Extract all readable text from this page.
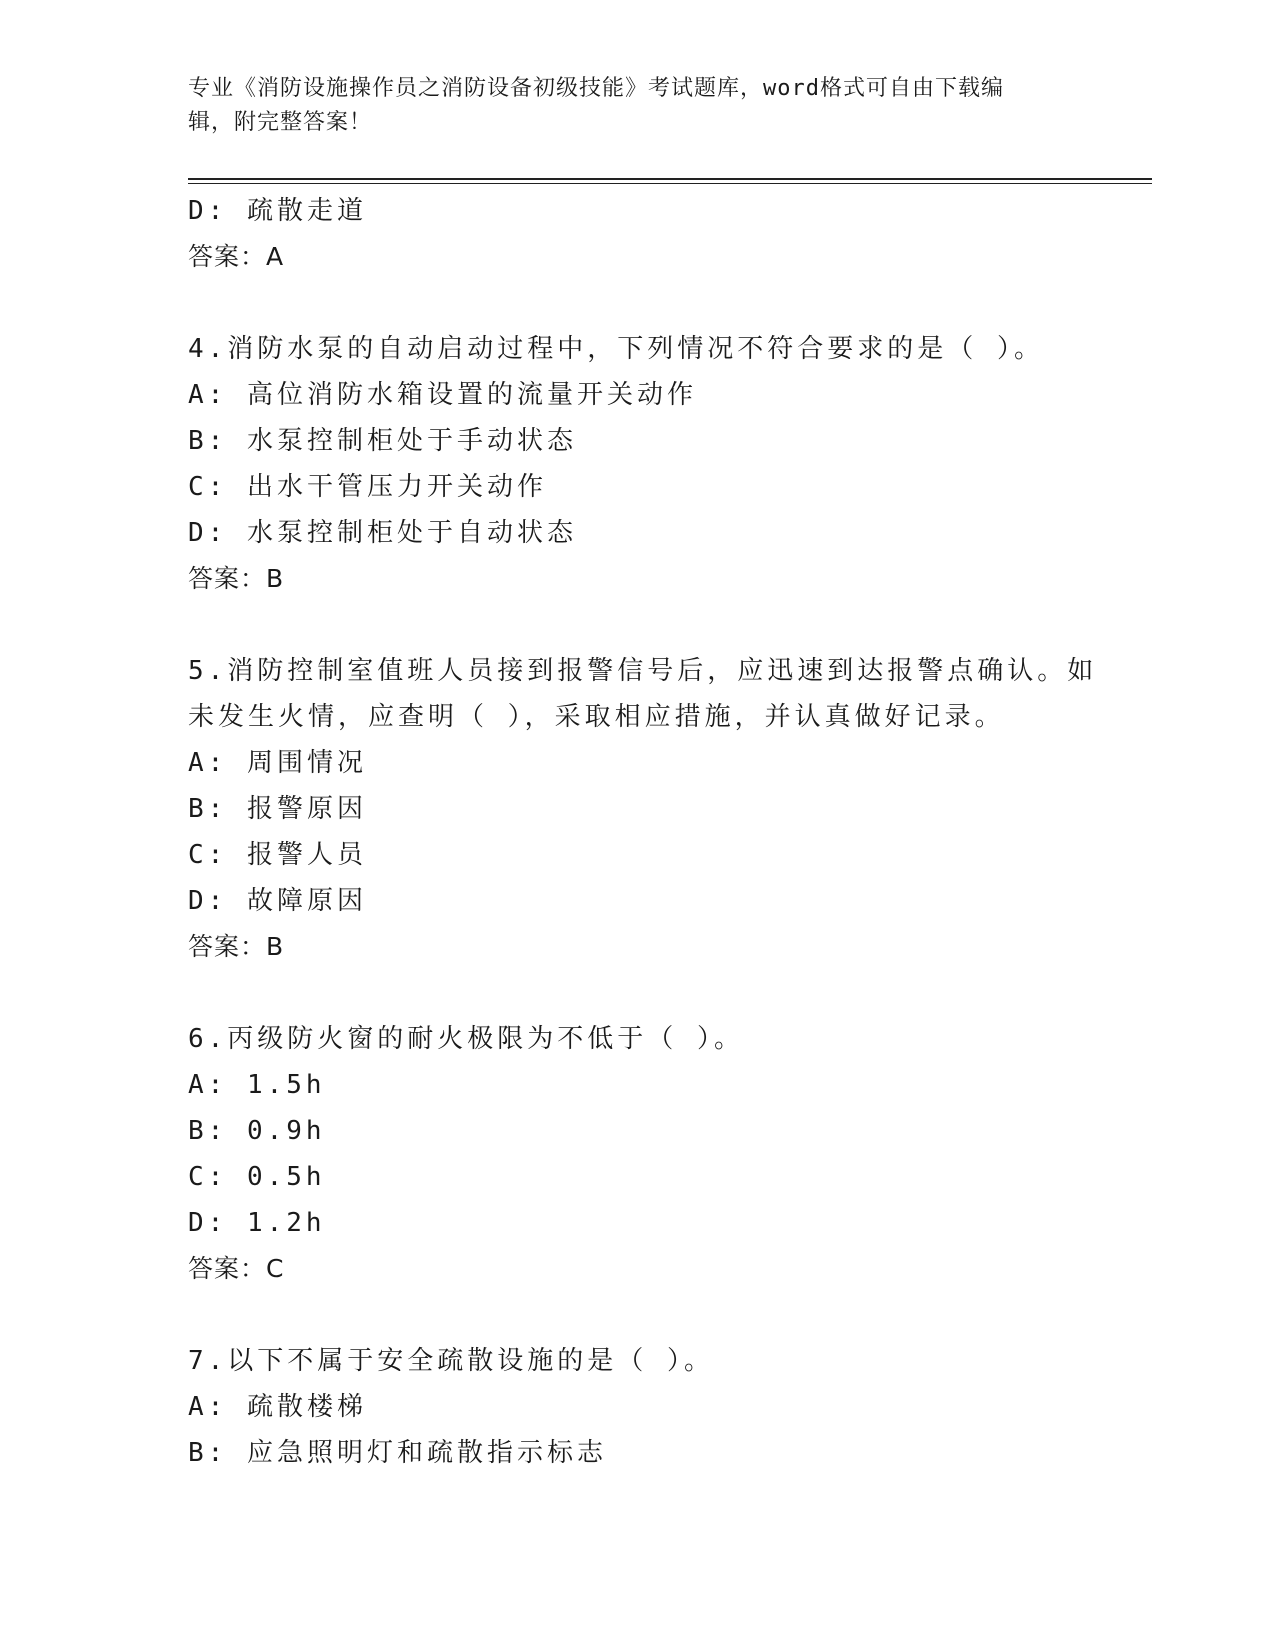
专业《消防设施操作员之消防设备初级技能》考试题库，word格式可自由下载编
辑，附完整答案！
D: 疏散走道
答案：A
4.消防水泵的自动启动过程中，下列情况不符合要求的是（ ）。
A: 高位消防水箱设置的流量开关动作
B: 水泵控制柜处于手动状态
C: 出水干管压力开关动作
D: 水泵控制柜处于自动状态
答案：B
5.消防控制室值班人员接到报警信号后，应迅速到达报警点确认。如
未发生火情，应查明（ ），采取相应措施，并认真做好记录。
A: 周围情况
B: 报警原因
C: 报警人员
D: 故障原因
答案：B
6.丙级防火窗的耐火极限为不低于（ ）。
A: 1.5h
B: 0.9h
C: 0.5h
D: 1.2h
答案：C
7.以下不属于安全疏散设施的是（ ）。
A: 疏散楼梯
B: 应急照明灯和疏散指示标志
